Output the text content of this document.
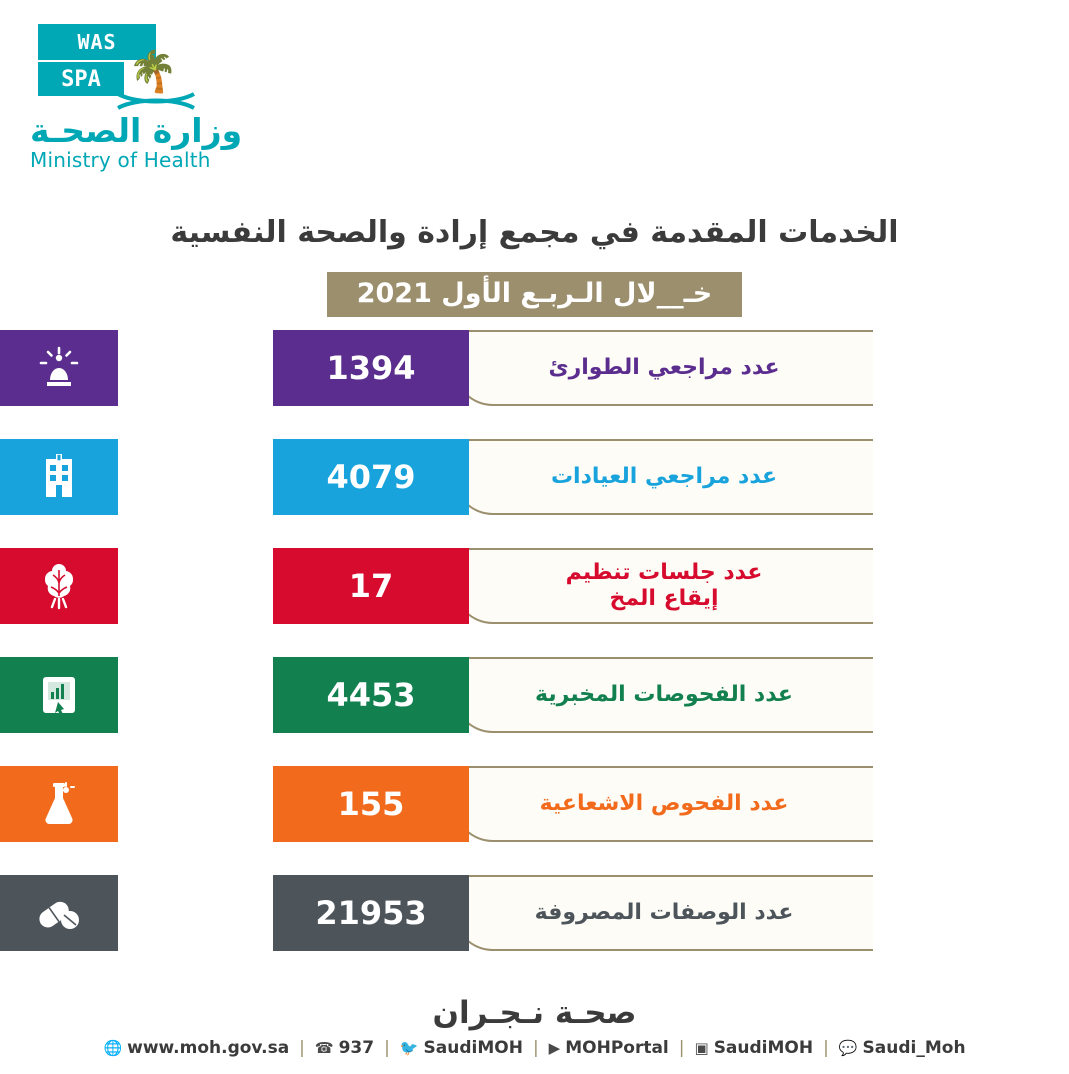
WAS
SPA 🌴
وزارة الصحـة
Ministry of Health
الخدمات المقدمة في مجمع إرادة والصحة النفسية
خـ__لال الـربـع الأول 2021
عدد مراجعي الطوارئ
1394
عدد مراجعي العيادات
4079
عدد جلسات تنظيم
إيقاع المخ
17
عدد الفحوصات المخبرية
4453
عدد الفحوص الاشعاعية
155
عدد الوصفات المصروفة
21953
صحـة نـجـران
🌐 www.moh.gov.sa | ☎ 937 | 🐦 SaudiMOH | ▶ MOHPortal | ▣ SaudiMOH | 💬 Saudi_Moh
